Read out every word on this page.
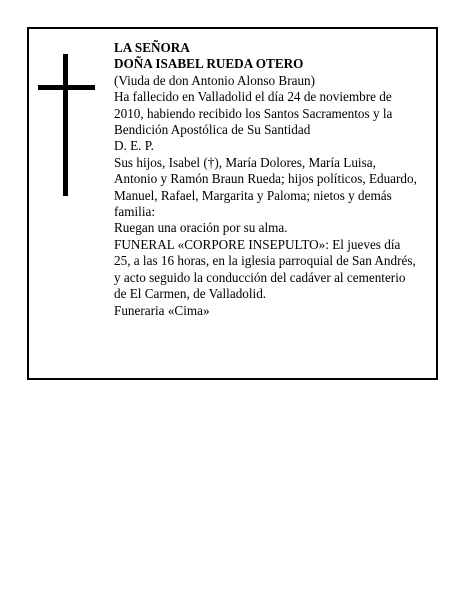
LA SEÑORA

DOÑA ISABEL RUEDA OTERO

(Viuda de don Antonio Alonso Braun)

Ha fallecido en Valladolid el día 24 de noviembre de 2010, habiendo recibido los Santos Sacramentos y la Bendición Apostólica de Su Santidad

D. E. P.

Sus hijos, Isabel (†), María Dolores, María Luisa, Antonio y Ramón Braun Rueda; hijos políticos, Eduardo, Manuel, Rafael, Margarita y Paloma; nietos y demás familia:

Ruegan una oración por su alma.

FUNERAL «CORPORE INSEPULTO»: El jueves día 25, a las 16 horas, en la iglesia parroquial de San Andrés, y acto seguido la conducción del cadáver al cementerio de El Carmen, de Valladolid.

Funeraria «Cima»
